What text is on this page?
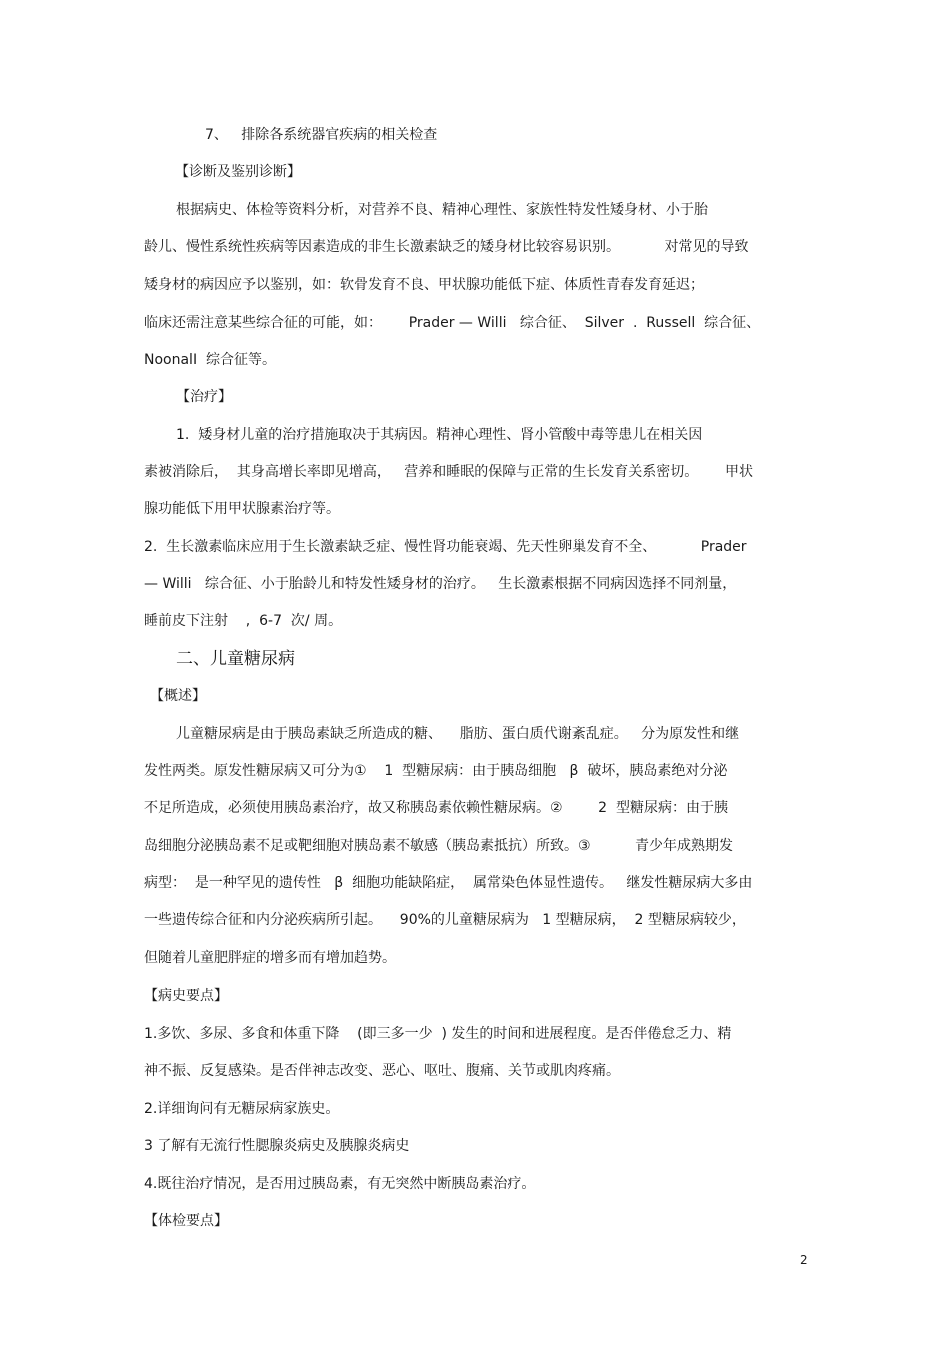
7、   排除各系统器官疾病的相关检查
【诊断及鉴别诊断】
根据病史、体检等资料分析，对营养不良、精神心理性、家族性特发性矮身材、小于胎
龄儿、慢性系统性疾病等因素造成的非生长激素缺乏的矮身材比较容易识别。          对常见的导致
矮身材的病因应予以鉴别，如：软骨发育不良、甲状腺功能低下症、体质性青春发育延迟；
临床还需注意某些综合征的可能，如：      Prader — Willi   综合征、  Silver  .  Russell  综合征、
NoonalI  综合征等。
【治疗】
1.  矮身材儿童的治疗措施取决于其病因。精神心理性、肾小管酸中毒等患儿在相关因
素被消除后，  其身高增长率即见增高，   营养和睡眠的保障与正常的生长发育关系密切。      甲状
腺功能低下用甲状腺素治疗等。
2.  生长激素临床应用于生长激素缺乏症、慢性肾功能衰竭、先天性卵巢发育不全、          Prader
— Willi   综合征、小于胎龄儿和特发性矮身材的治疗。   生长激素根据不同病因选择不同剂量，
睡前皮下注射    ,  6-7  次/ 周。
二、儿童糖尿病
【概述】
儿童糖尿病是由于胰岛素缺乏所造成的糖、    脂肪、蛋白质代谢紊乱症。   分为原发性和继
发性两类。原发性糖尿病又可分为①    1  型糖尿病：由于胰岛细胞   β  破坏，胰岛素绝对分泌
不足所造成，必须使用胰岛素治疗，故又称胰岛素依赖性糖尿病。②        2  型糖尿病：由于胰
岛细胞分泌胰岛素不足或靶细胞对胰岛素不敏感（胰岛素抵抗）所致。③          青少年成熟期发
病型：  是一种罕见的遗传性   β  细胞功能缺陷症，  属常染色体显性遗传。   继发性糖尿病大多由
一些遗传综合征和内分泌疾病所引起。    90%的儿童糖尿病为   1 型糖尿病，  2 型糖尿病较少，
但随着儿童肥胖症的增多而有增加趋势。
【病史要点】
1.多饮、多尿、多食和体重下降    (即三多一少  ) 发生的时间和进展程度。是否伴倦怠乏力、精
神不振、反复感染。是否伴神志改变、恶心、呕吐、腹痛、关节或肌肉疼痛。
2.详细询问有无糖尿病家族史。
3 了解有无流行性腮腺炎病史及胰腺炎病史
4.既往治疗情况，是否用过胰岛素，有无突然中断胰岛素治疗。
【体检要点】
2
